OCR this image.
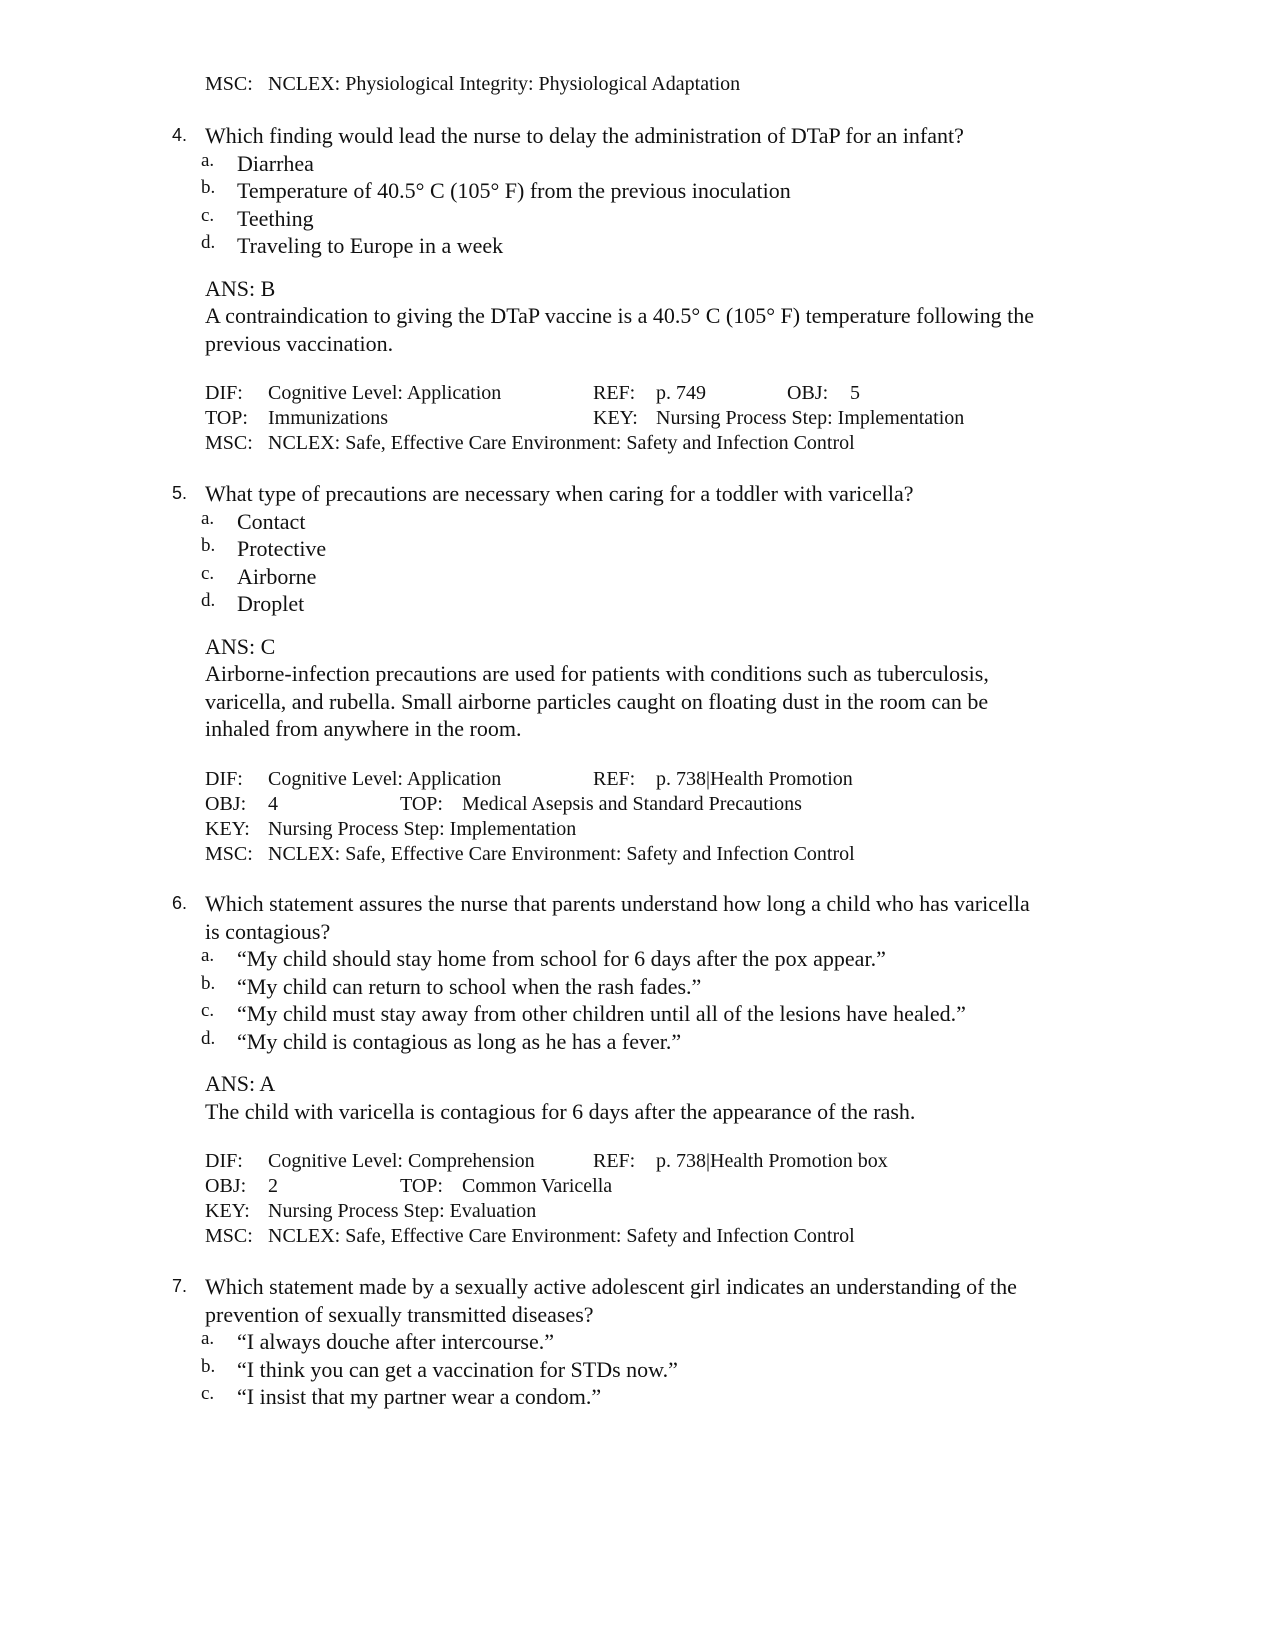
MSC: NCLEX: Physiological Integrity: Physiological Adaptation
4. Which finding would lead the nurse to delay the administration of DTaP for an infant?
a. Diarrhea
b. Temperature of 40.5° C (105° F) from the previous inoculation
c. Teething
d. Traveling to Europe in a week
ANS: B
A contraindication to giving the DTaP vaccine is a 40.5° C (105° F) temperature following the
previous vaccination.
DIF: Cognitive Level: Application	REF: p. 749	OBJ: 5
TOP: Immunizations	KEY: Nursing Process Step: Implementation
MSC: NCLEX: Safe, Effective Care Environment: Safety and Infection Control
5. What type of precautions are necessary when caring for a toddler with varicella?
a. Contact
b. Protective
c. Airborne
d. Droplet
ANS: C
Airborne-infection precautions are used for patients with conditions such as tuberculosis,
varicella, and rubella. Small airborne particles caught on floating dust in the room can be
inhaled from anywhere in the room.
DIF: Cognitive Level: Application	REF: p. 738|Health Promotion
OBJ: 4	TOP: Medical Asepsis and Standard Precautions
KEY: Nursing Process Step: Implementation
MSC: NCLEX: Safe, Effective Care Environment: Safety and Infection Control
6. Which statement assures the nurse that parents understand how long a child who has varicella
is contagious?
a. “My child should stay home from school for 6 days after the pox appear.”
b. “My child can return to school when the rash fades.”
c. “My child must stay away from other children until all of the lesions have healed.”
d. “My child is contagious as long as he has a fever.”
ANS: A
The child with varicella is contagious for 6 days after the appearance of the rash.
DIF: Cognitive Level: Comprehension	REF: p. 738|Health Promotion box
OBJ: 2	TOP: Common Varicella
KEY: Nursing Process Step: Evaluation
MSC: NCLEX: Safe, Effective Care Environment: Safety and Infection Control
7. Which statement made by a sexually active adolescent girl indicates an understanding of the
prevention of sexually transmitted diseases?
a. “I always douche after intercourse.”
b. “I think you can get a vaccination for STDs now.”
c. “I insist that my partner wear a condom.”
